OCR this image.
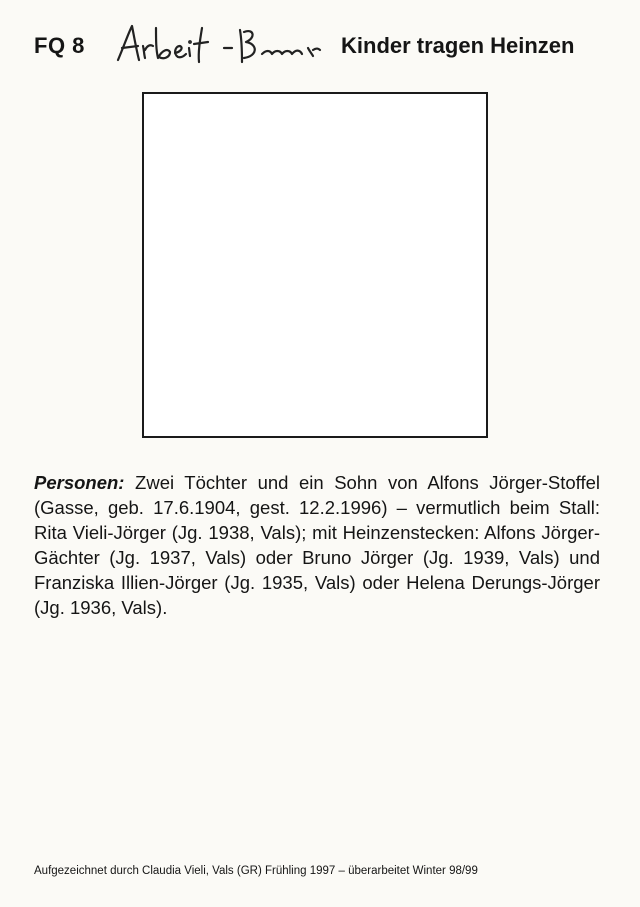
FQ 8	Kinder tragen Heinzen
Personen: Zwei Töchter und ein Sohn von Alfons Jörger-Stoffel (Gasse, geb. 17.6.1904, gest. 12.2.1996) – vermutlich beim Stall: Rita Vieli-Jörger (Jg. 1938, Vals); mit Heinzenstecken: Alfons Jörger-Gächter (Jg. 1937, Vals) oder Bruno Jörger (Jg. 1939, Vals) und Franziska Illien-Jörger (Jg. 1935, Vals) oder Helena Derungs-Jörger (Jg. 1936, Vals).
Aufgezeichnet durch Claudia Vieli, Vals (GR) Frühling 1997 – überarbeitet Winter 98/99
